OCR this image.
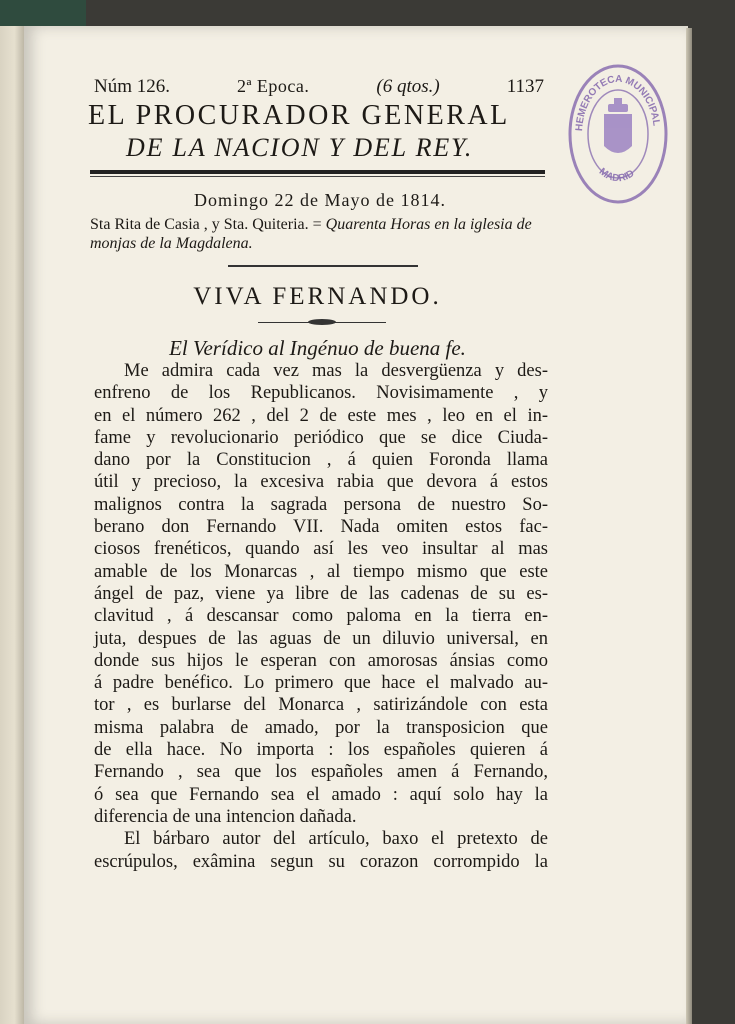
Núm 126.	2ª Epoca.	(6 qtos.)	1137
EL PROCURADOR GENERAL
DE LA NACION Y DEL REY.
Domingo 22 de Mayo de 1814.
Sta Rita de Casia , y Sta. Quiteria. = Quarenta Horas en la iglesia de monjas de la Magdalena.
VIVA FERNANDO.
El Verídico al Ingénuo de buena fe.
Me admira cada vez mas la desvergüenza y des-
enfreno de los Republicanos. Novisimamente , y
en el número 262 , del 2 de este mes , leo en el in-
fame y revolucionario periódico que se dice Ciuda-
dano por la Constitucion , á quien Foronda llama
útil y precioso, la excesiva rabia que devora á estos
malignos contra la sagrada persona de nuestro So-
berano don Fernando VII. Nada omiten estos fac-
ciosos frenéticos, quando así les veo insultar al mas
amable de los Monarcas , al tiempo mismo que este
ángel de paz, viene ya libre de las cadenas de su es-
clavitud , á descansar como paloma en la tierra en-
juta, despues de las aguas de un diluvio universal, en
donde sus hijos le esperan con amorosas ánsias como
á padre benéfico. Lo primero que hace el malvado au-
tor , es burlarse del Monarca , satirizándole con esta
misma palabra de amado, por la transposicion que
de ella hace. No importa : los españoles quieren á
Fernando , sea que los españoles amen á Fernando,
ó sea que Fernando sea el amado : aquí solo hay la
diferencia de una intencion dañada.
El bárbaro autor del artículo, baxo el pretexto de
escrúpulos, exâmina segun su corazon corrompido la
HEMEROTECA MUNICIPAL
MADRID
